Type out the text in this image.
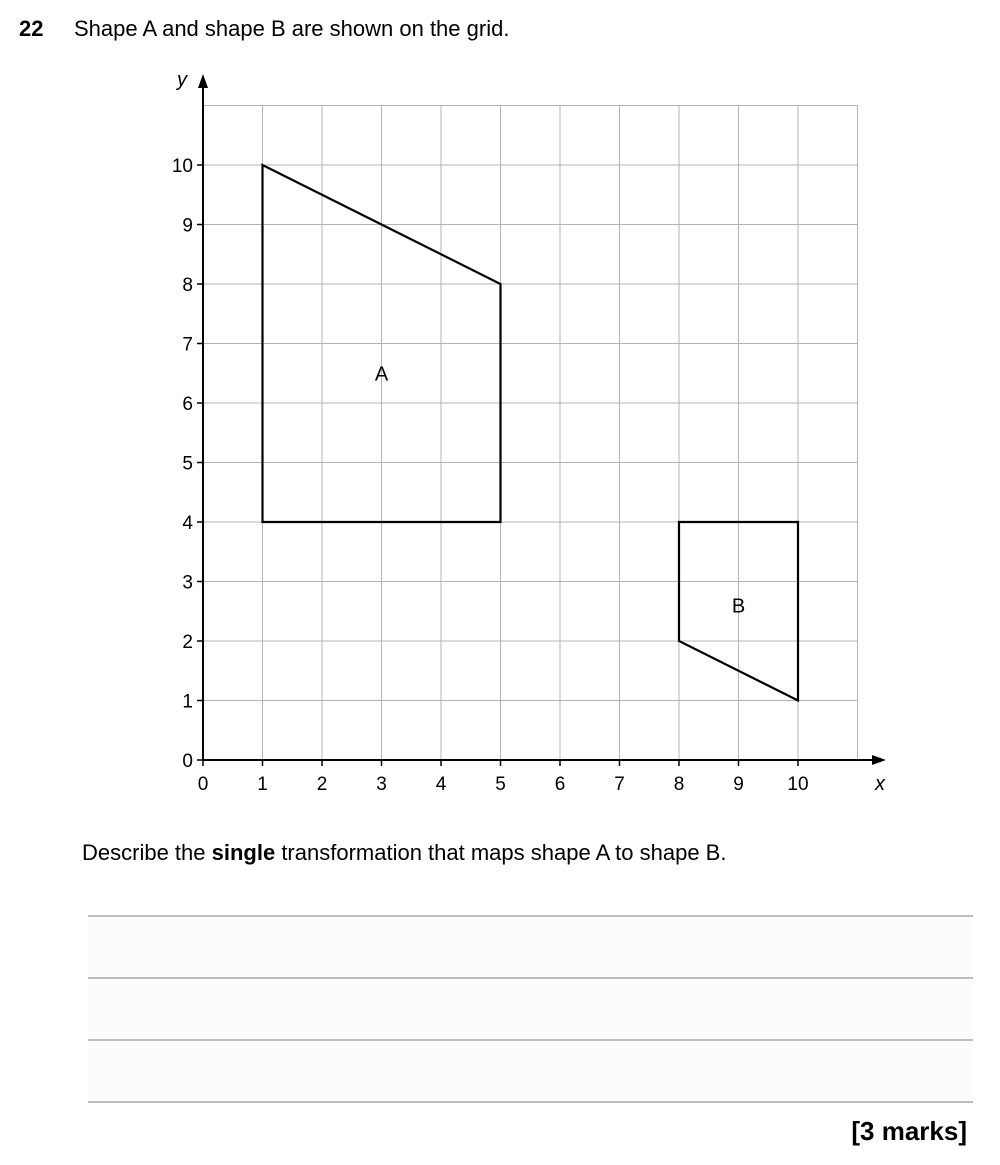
22 Shape A and shape B are shown on the grid.
x
y
0	1	2	3	4	5	6	7	8	9 10
0
1
2
3
4
5
6
7
8
9
10
A
B
Describe the single transformation that maps shape A to shape B.
[3 marks]
